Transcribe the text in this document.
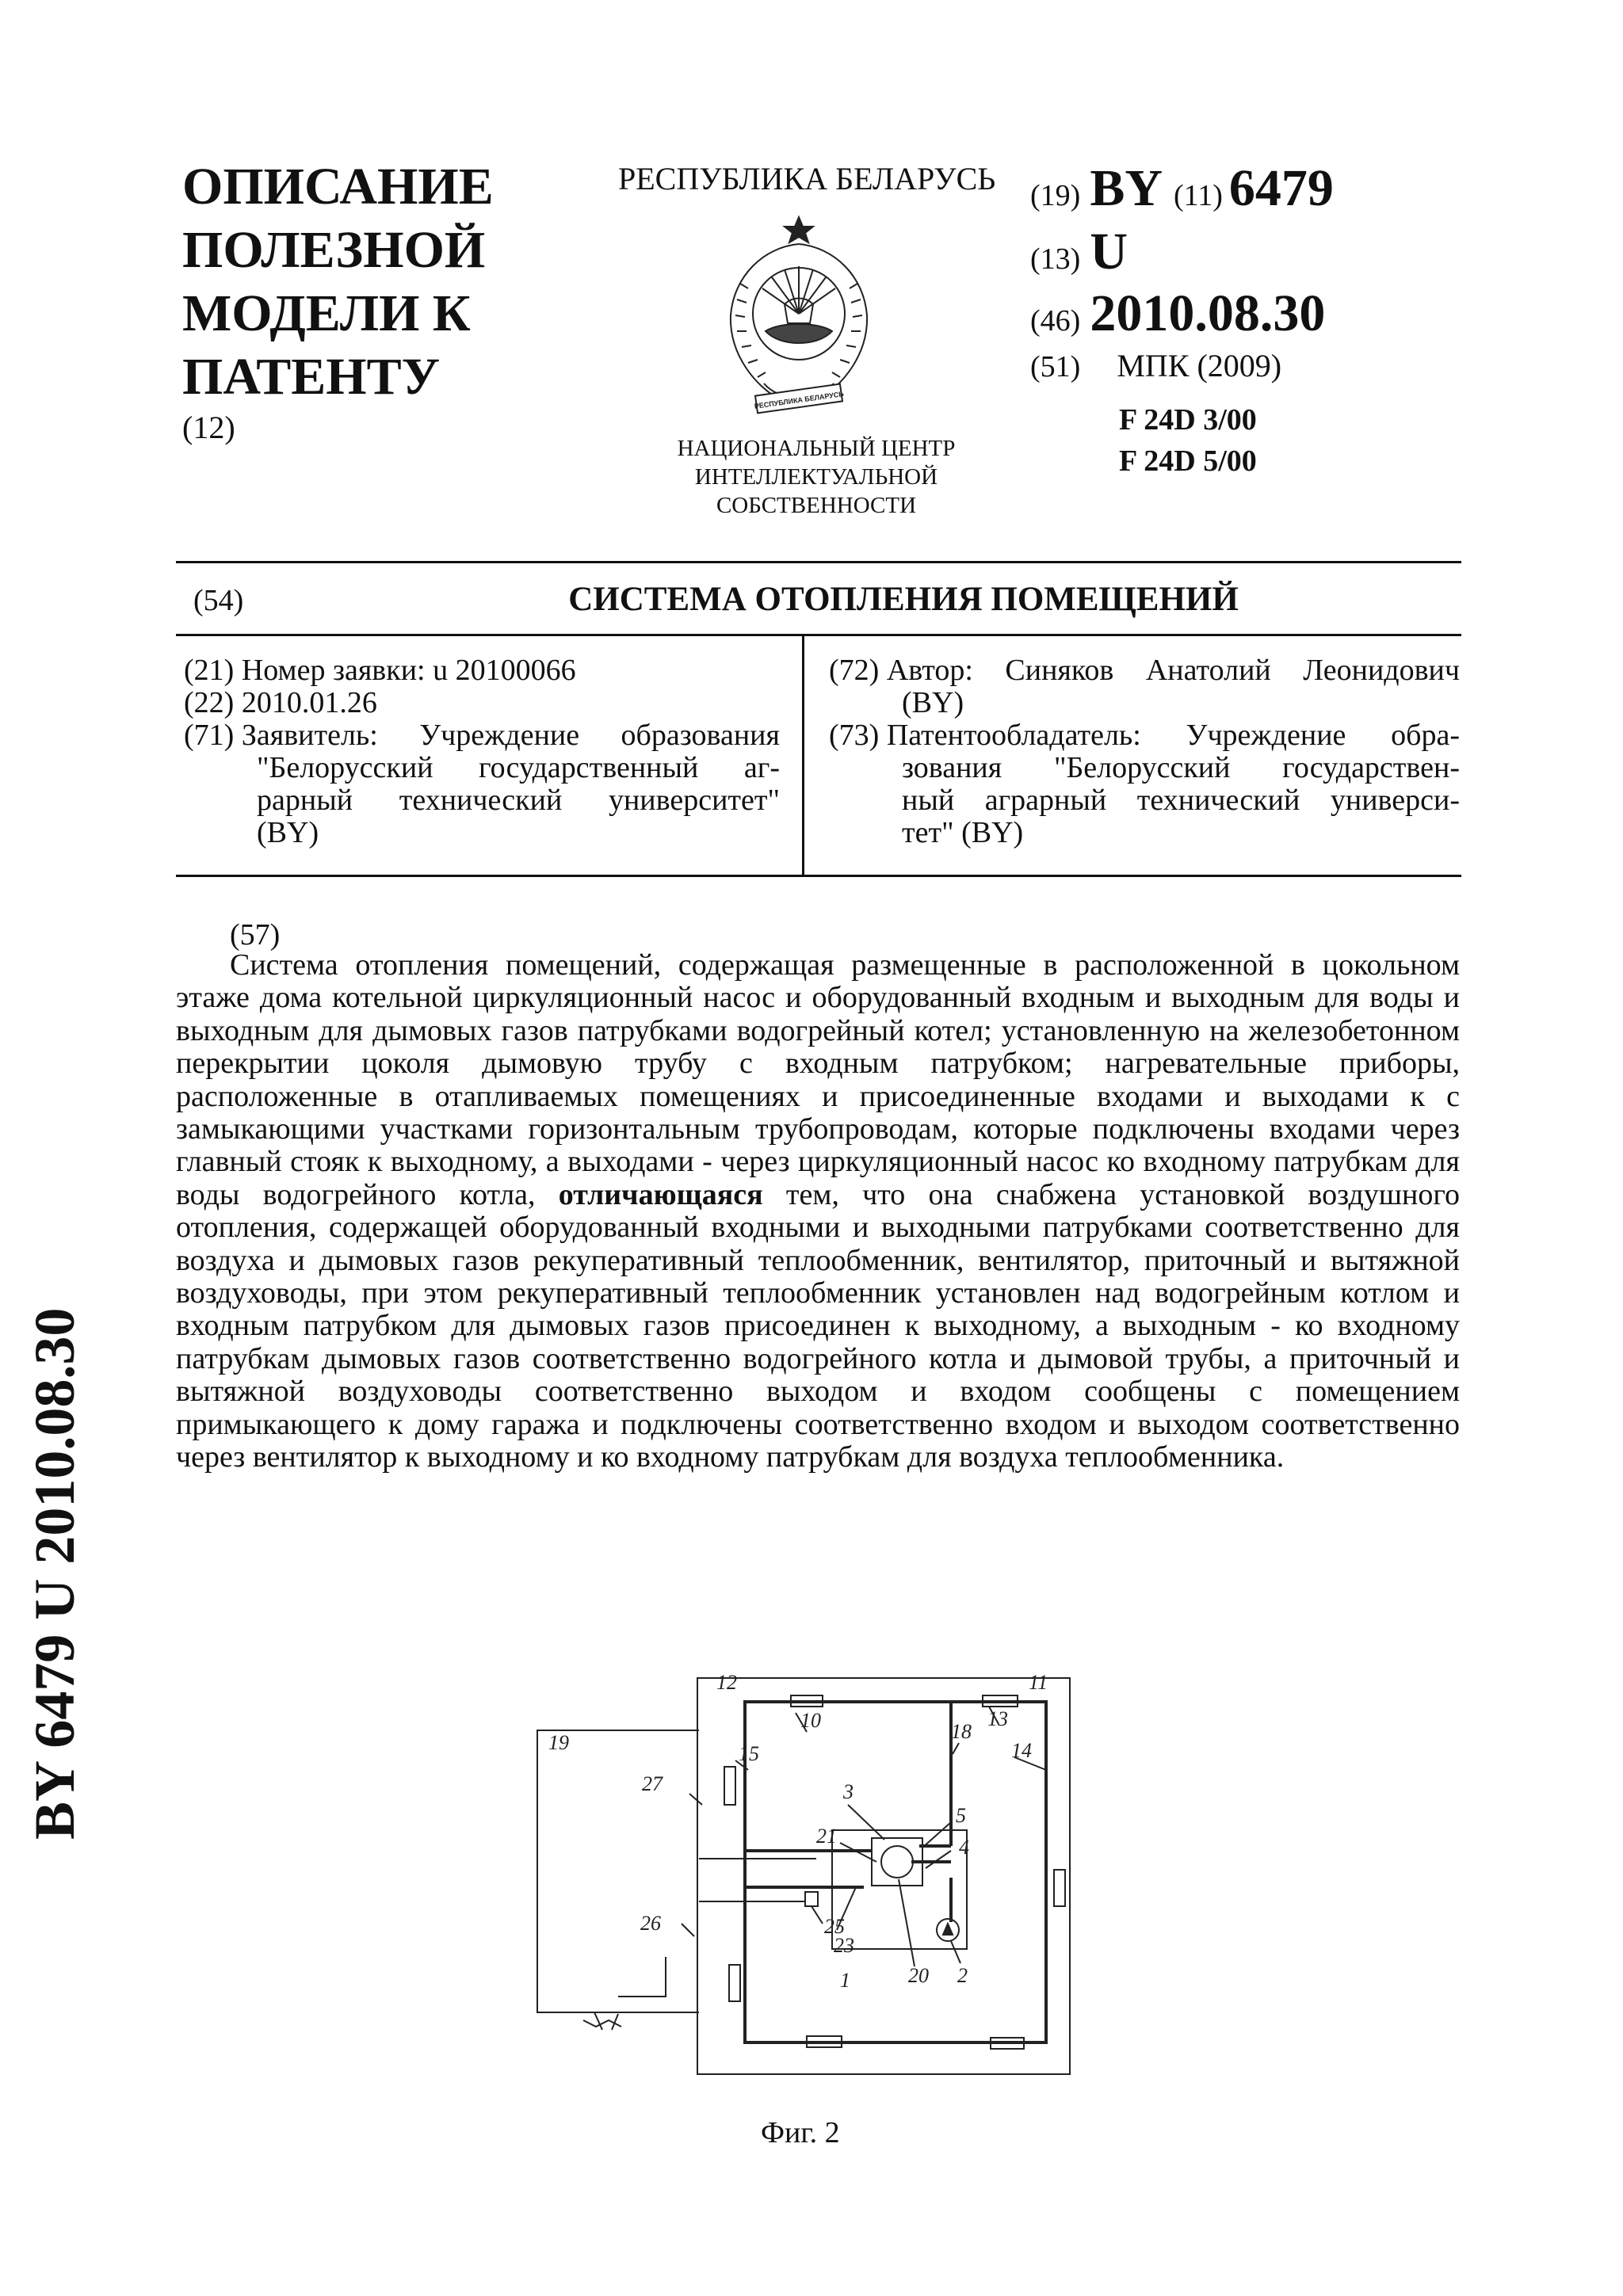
ОПИСАНИЕ
ПОЛЕЗНОЙ
МОДЕЛИ К
ПАТЕНТУ
(12)
РЕСПУБЛИКА БЕЛАРУСЬ
РЕСПУБЛИКА БЕЛАРУСЬ
НАЦИОНАЛЬНЫЙ ЦЕНТР
ИНТЕЛЛЕКТУАЛЬНОЙ
СОБСТВЕННОСТИ
(19) BY (11) 6479
(13) U
(46) 2010.08.30
(51) МПК (2009)
F 24D 3/00
F 24D 5/00
(54)	СИСТЕМА ОТОПЛЕНИЯ ПОМЕЩЕНИЙ
(21) Номер заявки: u 20100066
(22) 2010.01.26
(71) Заявитель: Учреждение образования
"Белорусский государственный аг-
рарный технический университет"
(BY)
(72) Автор: Синяков Анатолий Леонидович
(BY)
(73) Патентообладатель: Учреждение обра-
зования "Белорусский государствен-
ный аграрный технический универси-
тет" (BY)
(57)

Система отопления помещений, содержащая размещенные в расположенной в цокольном этаже дома котельной циркуляционный насос и оборудованный входным и выходным для воды и выходным для дымовых газов патрубками водогрейный котел; установленную на железобетонном перекрытии цоколя дымовую трубу с входным патрубком; нагревательные приборы, расположенные в отапливаемых помещениях и присоединенные входами и выходами к с замыкающими участками горизонтальным трубопроводам, которые подключены входами через главный стояк к выходному, а выходами - через циркуляционный насос ко входному патрубкам для воды водогрейного котла, отличающаяся тем, что она снабжена установкой воздушного отопления, содержащей оборудованный входными и выходными патрубками соответственно для воздуха и дымовых газов рекуперативный теплообменник, вентилятор, приточный и вытяжной воздуховоды, при этом рекуперативный теплообменник установлен над водогрейным котлом и входным патрубком для дымовых газов присоединен к выходному, а выходным - ко входному патрубкам дымовых газов соответственно водогрейного котла и дымовой трубы, а приточный и вытяжной воздуховоды соответственно выходом и входом сообщены с помещением примыкающего к дому гаража и подключены соответственно входом и выходом соответственно через вентилятор к выходному и ко входному патрубкам для воздуха теплообменника.

BY 6479 U 2010.08.30	12	11
19
10	18
13
14
15
27	3
21
5
4
26	25
23
20 2
1
Фиг. 2
